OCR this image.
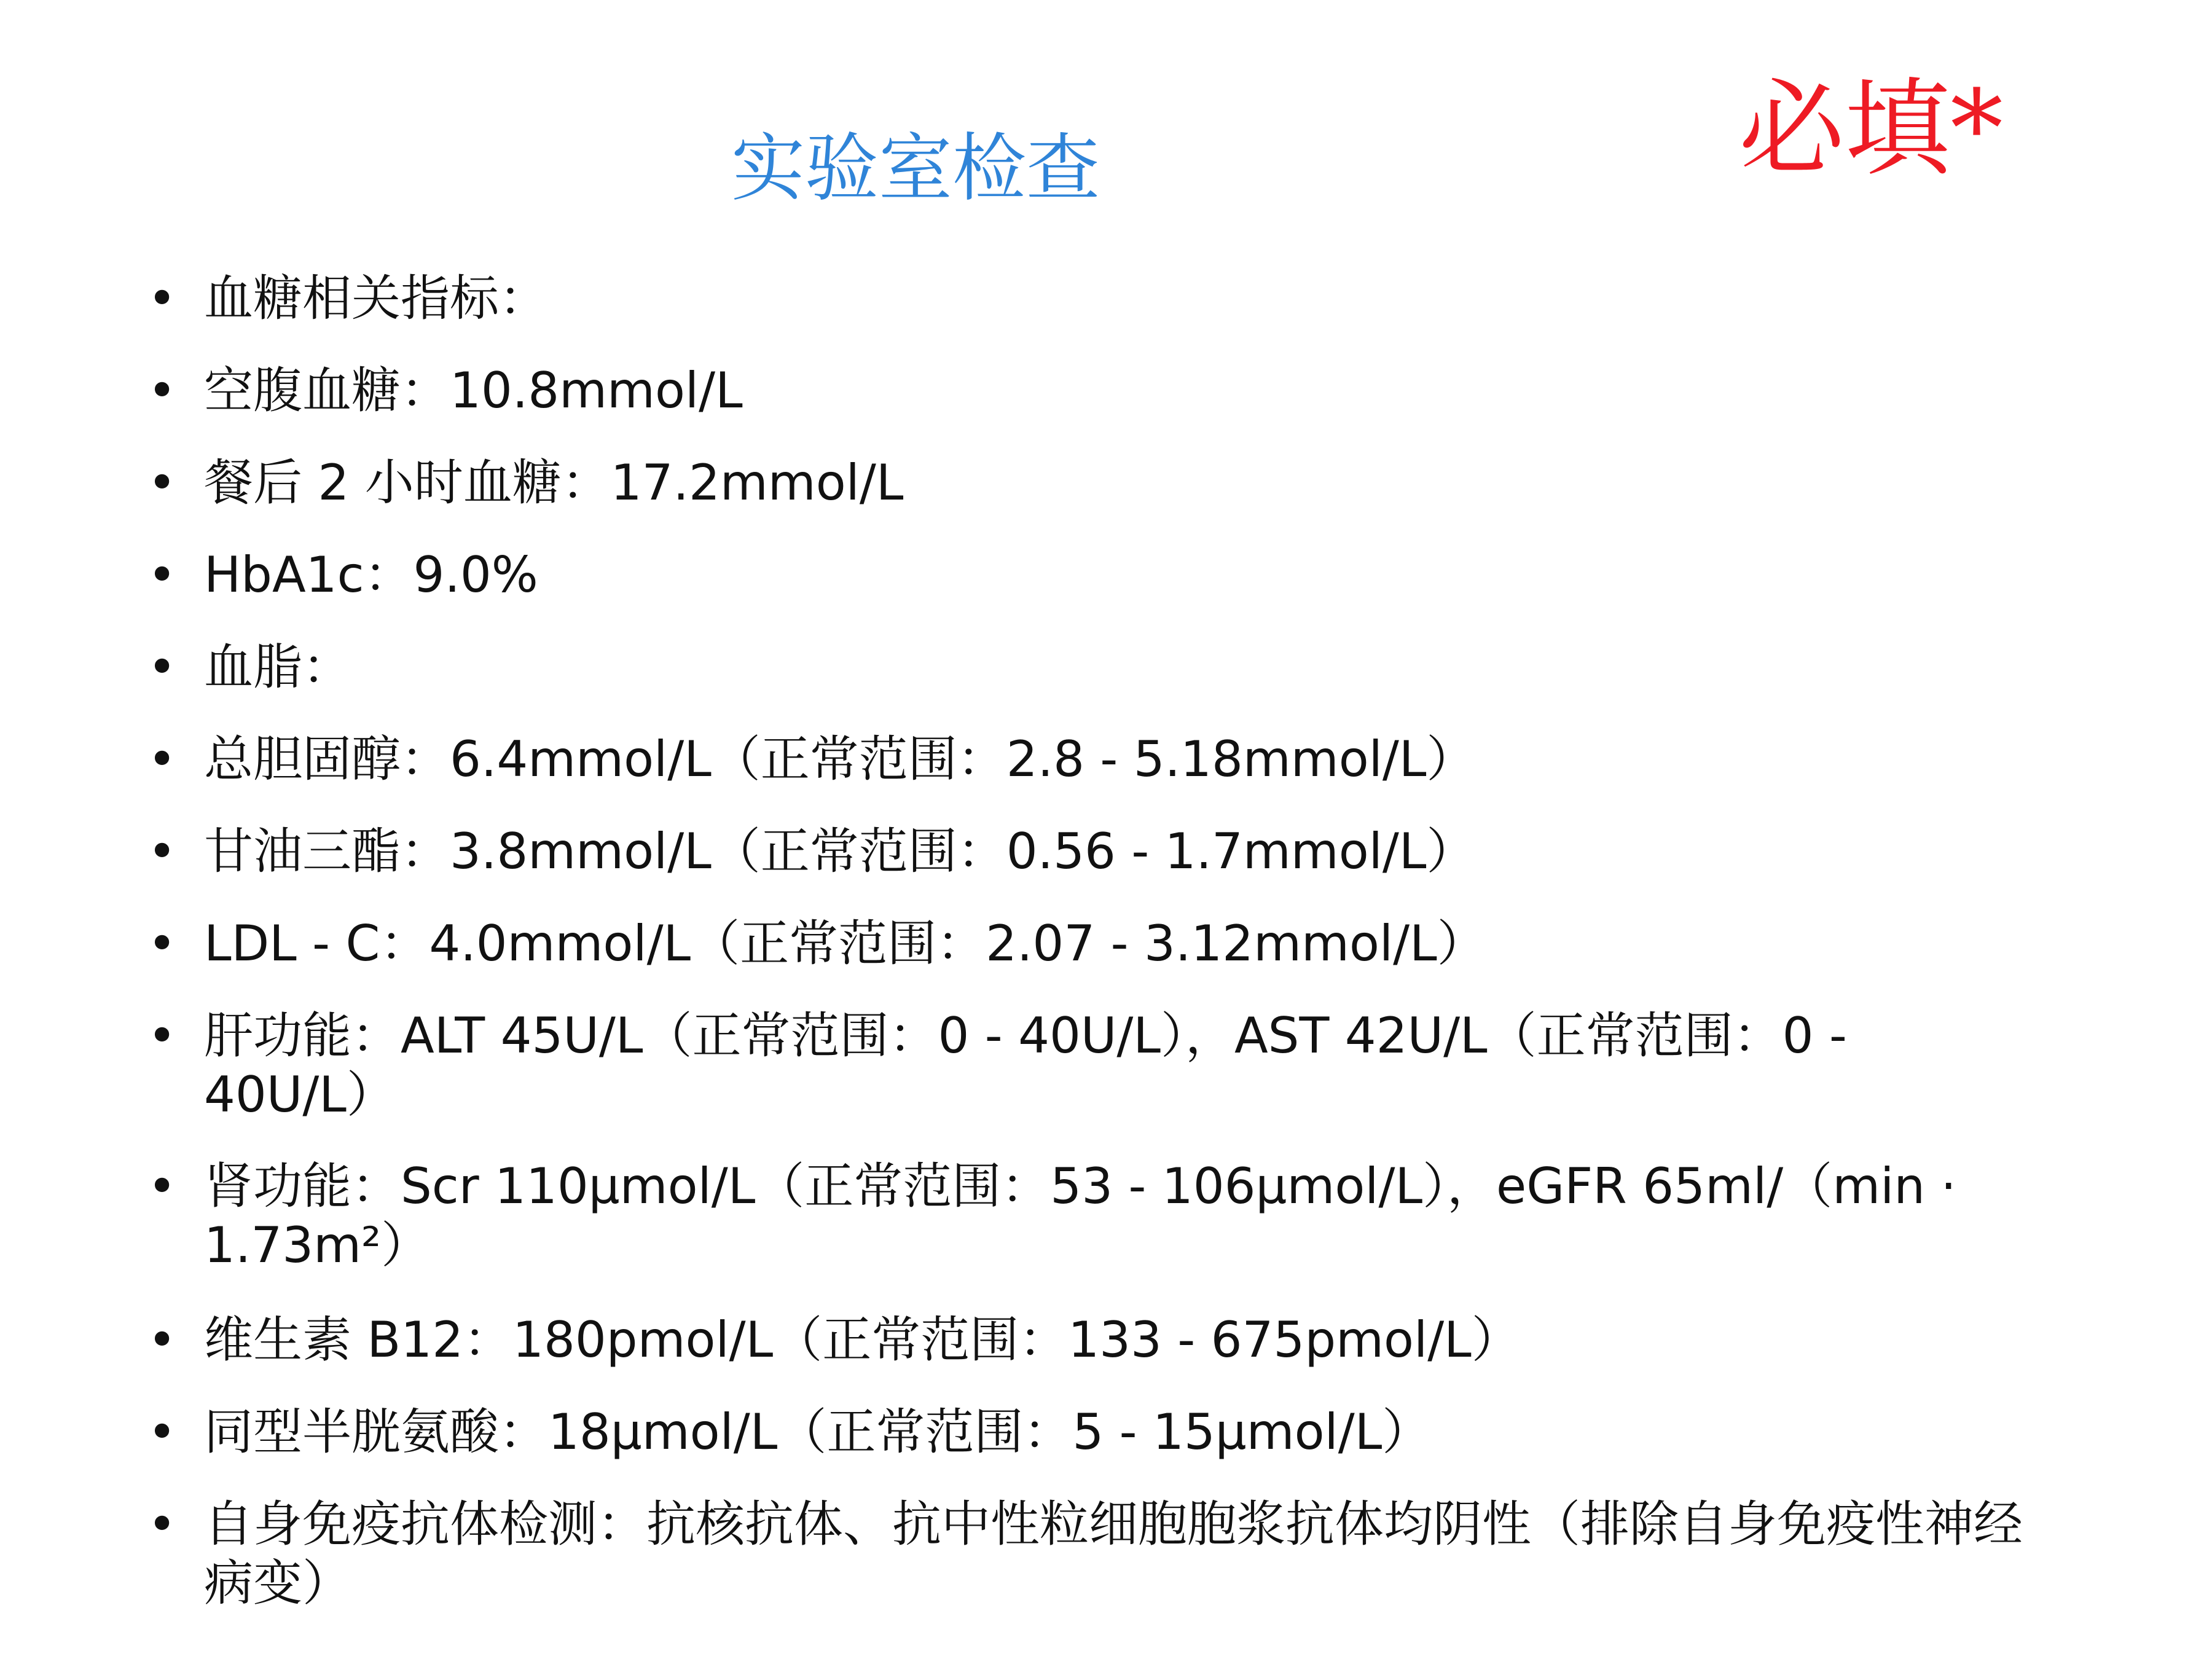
实验室检查	必填*
• 血糖相关指标：
• 空腹血糖：10.8mmol/L
• 餐后 2 小时血糖：17.2mmol/L
• HbA1c：9.0%
• 血脂：
• 总胆固醇：6.4mmol/L（正常范围：2.8 - 5.18mmol/L）
• 甘油三酯：3.8mmol/L（正常范围：0.56 - 1.7mmol/L）
• LDL - C：4.0mmol/L（正常范围：2.07 - 3.12mmol/L）
• 肝功能：ALT 45U/L（正常范围：0 - 40U/L），AST 42U/L（正常范围：0 - 40U/L）
• 肾功能：Scr 110μmol/L（正常范围：53 - 106μmol/L），eGFR 65ml/（min · 1.73m²）
• 维生素 B12：180pmol/L（正常范围：133 - 675pmol/L）
• 同型半胱氨酸：18μmol/L（正常范围：5 - 15μmol/L）
• 自身免疫抗体检测：抗核抗体、抗中性粒细胞胞浆抗体均阴性（排除自身免疫性神经病变）
